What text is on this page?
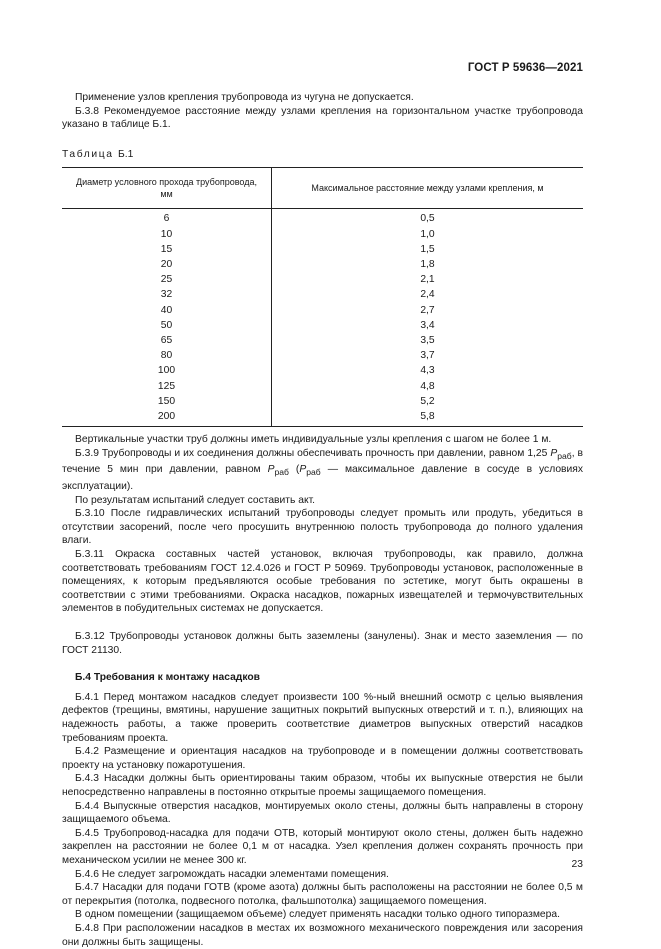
ГОСТ Р 59636—2021

Применение узлов крепления трубопровода из чугуна не допускается.

Б.3.8 Рекомендуемое расстояние между узлами крепления на горизонтальном участке трубопровода указано в таблице Б.1.

Таблица Б.1
Диаметр условного прохода трубопровода, мм	Максимальное расстояние между узлами крепления, м
6	0,5
10	1,0
15	1,5
20	1,8
25	2,1
32	2,4
40	2,7
50	3,4
65	3,5
80	3,7
100	4,3
125	4,8
150	5,2
200	5,8

Вертикальные участки труб должны иметь индивидуальные узлы крепления с шагом не более 1 м.

Б.3.9 Трубопроводы и их соединения должны обеспечивать прочность при давлении, равном 1,25 $P_{раб}$, в течение 5 мин при давлении, равном $P_{раб}$ ($P_{раб}$ — максимальное давление в сосуде в условиях эксплуатации).

По результатам испытаний следует составить акт.

Б.3.10 После гидравлических испытаний трубопроводы следует промыть или продуть, убедиться в отсутствии засорений, после чего просушить внутреннюю полость трубопровода до полного удаления влаги.

Б.3.11 Окраска составных частей установок, включая трубопроводы, как правило, должна соответствовать требованиям ГОСТ 12.4.026 и ГОСТ Р 50969. Трубопроводы установок, расположенные в помещениях, к которым предъявляются особые требования по эстетике, могут быть окрашены в соответствии с этими требованиями. Окраска насадков, пожарных извещателей и термочувствительных элементов в побудительных системах не допускается.

Б.3.12 Трубопроводы установок должны быть заземлены (занулены). Знак и место заземления — по ГОСТ 21130.

Б.4 Требования к монтажу насадков

Б.4.1 Перед монтажом насадков следует произвести 100 %-ный внешний осмотр с целью выявления дефектов (трещины, вмятины, нарушение защитных покрытий выпускных отверстий и т. п.), влияющих на надежность работы, а также проверить соответствие диаметров выпускных отверстий насадков требованиям проекта.

Б.4.2 Размещение и ориентация насадков на трубопроводе и в помещении должны соответствовать проекту на установку пожаротушения.

Б.4.3 Насадки должны быть ориентированы таким образом, чтобы их выпускные отверстия не были непосредственно направлены в постоянно открытые проемы защищаемого помещения.

Б.4.4 Выпускные отверстия насадков, монтируемых около стены, должны быть направлены в сторону защищаемого объема.

Б.4.5 Трубопровод-насадка для подачи ОТВ, который монтируют около стены, должен быть надежно закреплен на расстоянии не более 0,1 м от насадка. Узел крепления должен сохранять прочность при механическом усилии не менее 300 кг.

Б.4.6 Не следует загромождать насадки элементами помещения.

Б.4.7 Насадки для подачи ГОТВ (кроме азота) должны быть расположены на расстоянии не более 0,5 м от перекрытия (потолка, подвесного потолка, фальшпотолка) защищаемого помещения.

В одном помещении (защищаемом объеме) следует применять насадки только одного типоразмера.

Б.4.8 При расположении насадков в местах их возможного механического повреждения или засорения они должны быть защищены.

23
